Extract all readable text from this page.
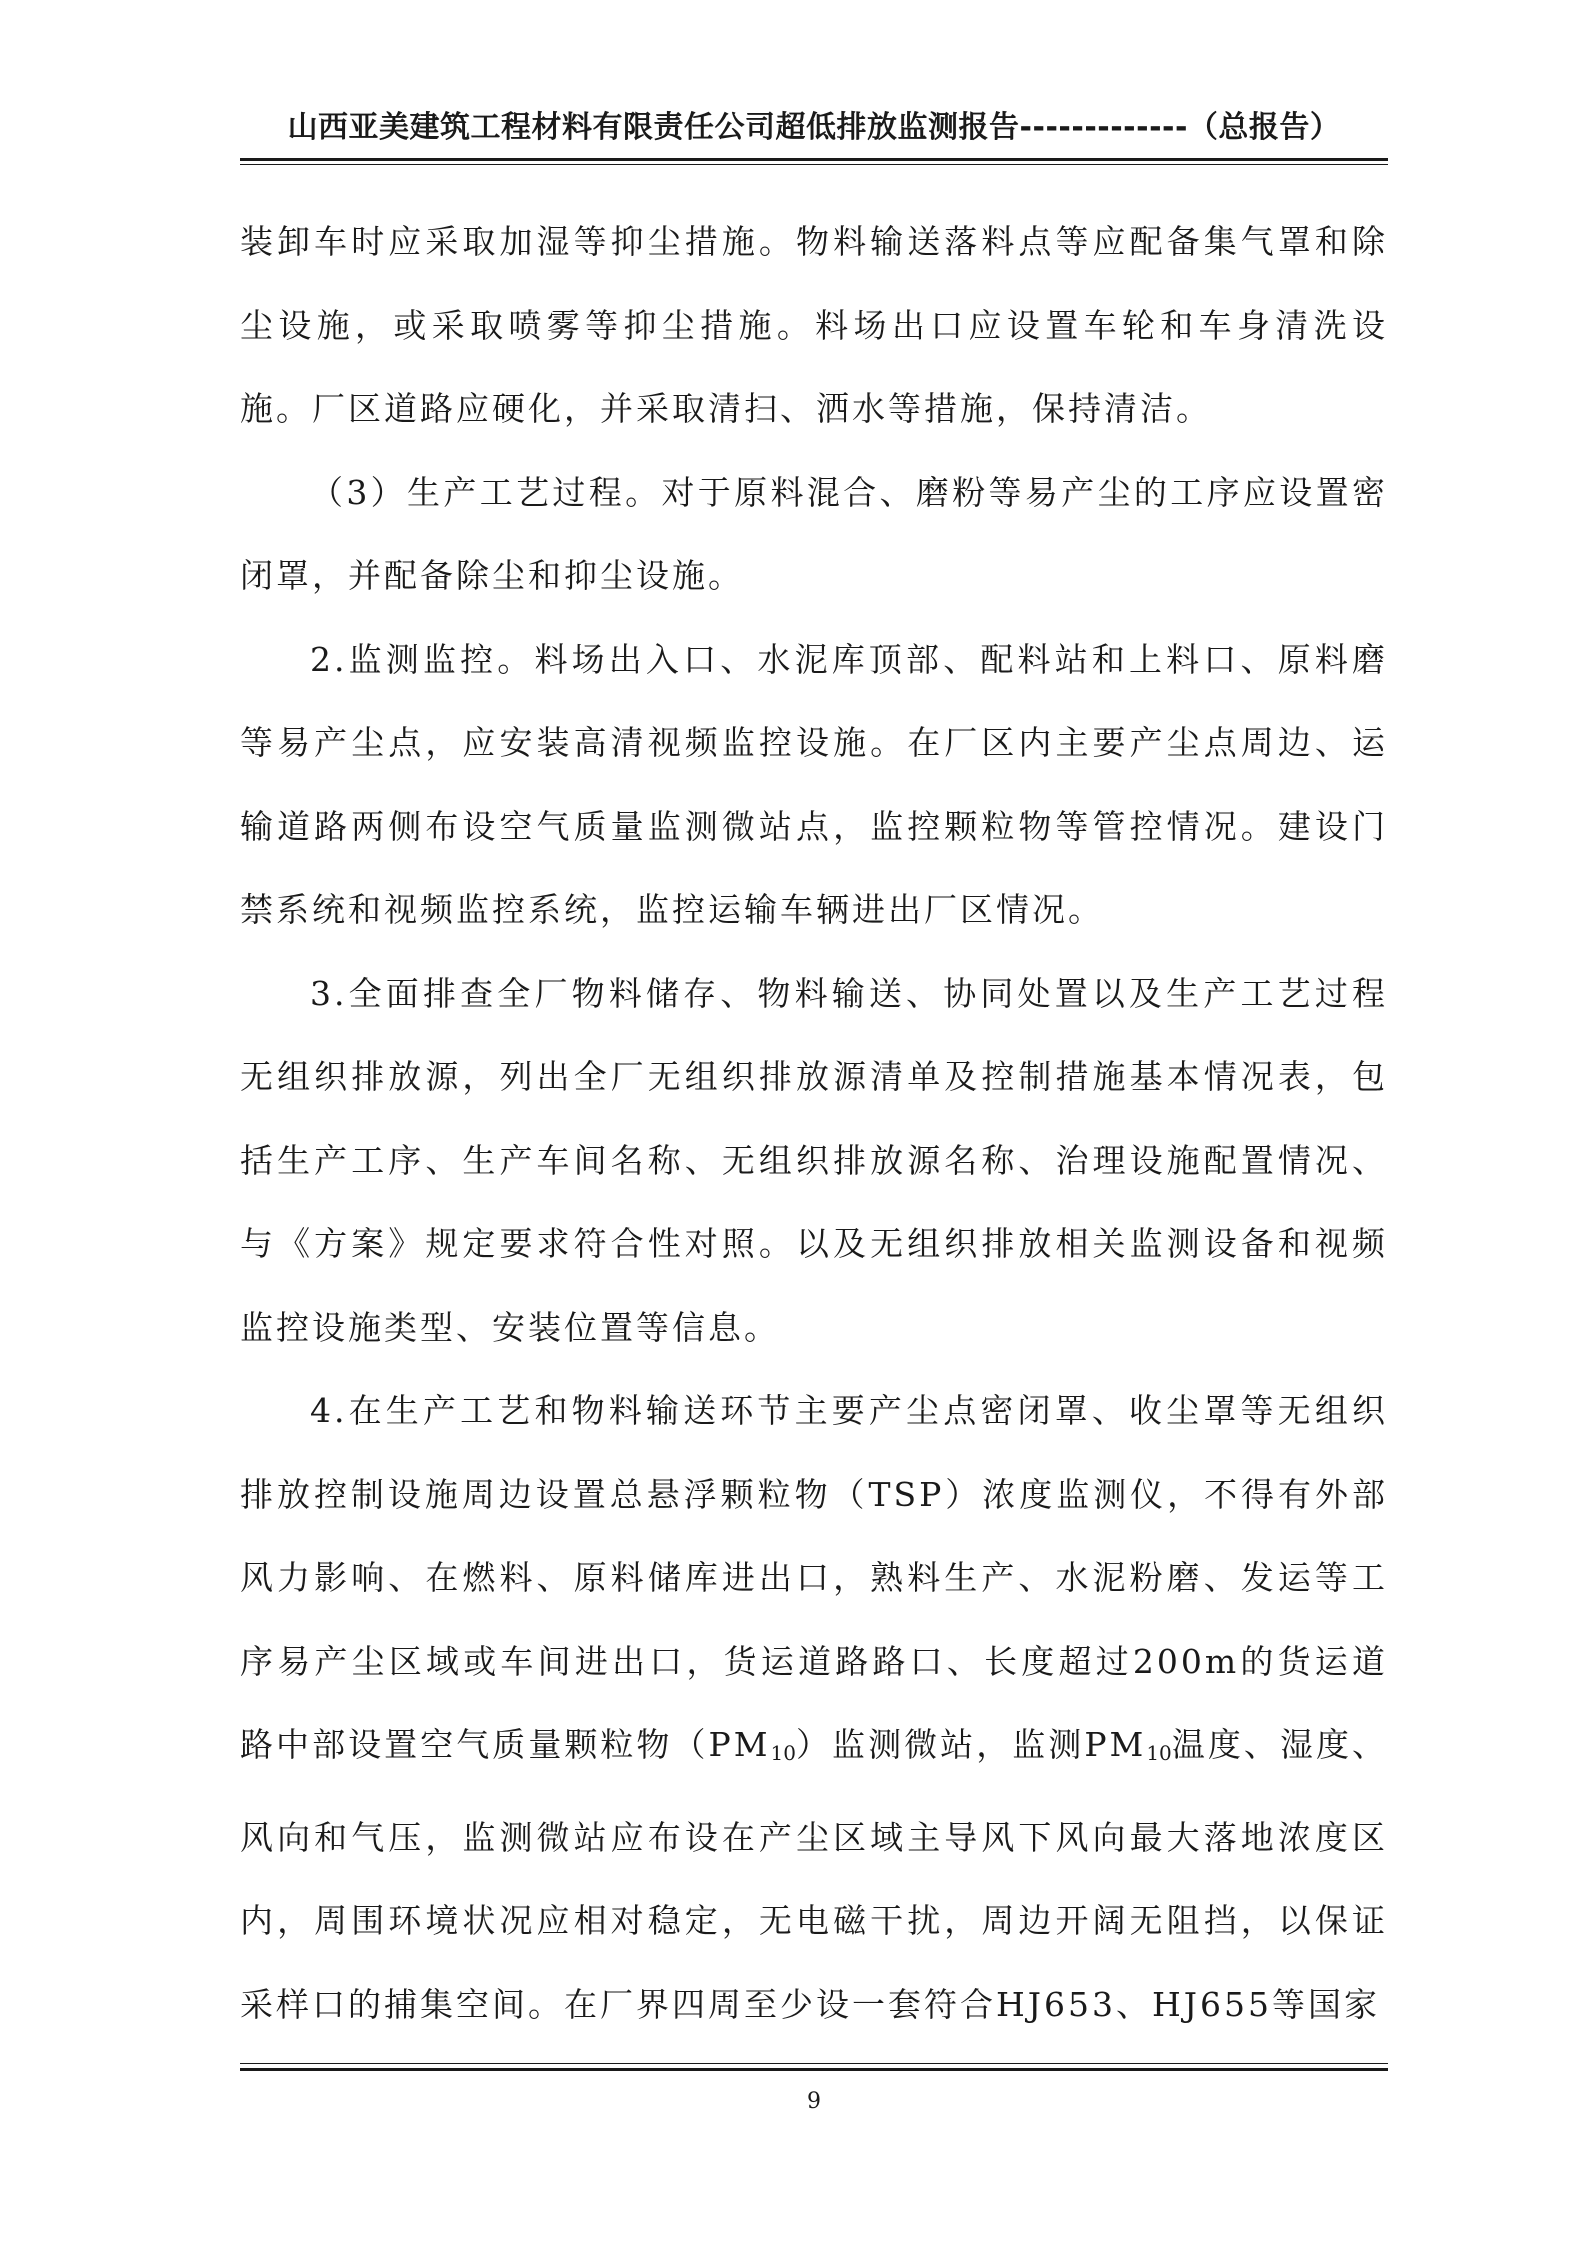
山西亚美建筑工程材料有限责任公司超低排放监测报告-------------（总报告）

装卸车时应采取加湿等抑尘措施。物料输送落料点等应配备集气罩和除尘设施，或采取喷雾等抑尘措施。料场出口应设置车轮和车身清洗设施。厂区道路应硬化，并采取清扫、洒水等措施，保持清洁。

（3）生产工艺过程。对于原料混合、磨粉等易产尘的工序应设置密闭罩，并配备除尘和抑尘设施。

2.监测监控。料场出入口、水泥库顶部、配料站和上料口、原料磨等易产尘点，应安装高清视频监控设施。在厂区内主要产尘点周边、运输道路两侧布设空气质量监测微站点，监控颗粒物等管控情况。建设门禁系统和视频监控系统，监控运输车辆进出厂区情况。

3.全面排查全厂物料储存、物料输送、协同处置以及生产工艺过程无组织排放源，列出全厂无组织排放源清单及控制措施基本情况表，包括生产工序、生产车间名称、无组织排放源名称、治理设施配置情况、与《方案》规定要求符合性对照。以及无组织排放相关监测设备和视频监控设施类型、安装位置等信息。

4.在生产工艺和物料输送环节主要产尘点密闭罩、收尘罩等无组织排放控制设施周边设置总悬浮颗粒物（TSP）浓度监测仪，不得有外部风力影响、在燃料、原料储库进出口，熟料生产、水泥粉磨、发运等工序易产尘区域或车间进出口，货运道路路口、长度超过200m的货运道路中部设置空气质量颗粒物$(PM_{10})$监测微站，监测$PM_{10}$温度、湿度、风向和气压，监测微站应布设在产尘区域主导风下风向最大落地浓度区内，周围环境状况应相对稳定，无电磁干扰，周边开阔无阻挡，以保证采样口的捕集空间。在厂界四周至少设一套符合HJ653、HJ655等国家

9
